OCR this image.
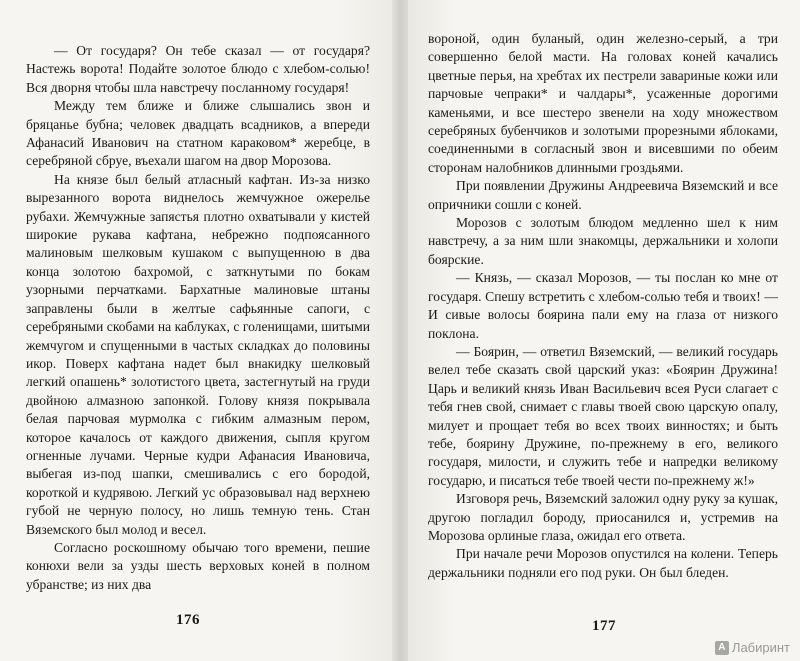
— От государя? Он тебе сказал — от государя? Настежь ворота! Подайте золотое блюдо с хлебом-солью! Вся дворня чтобы шла навстречу посланному государя!

Между тем ближе и ближе слышались звон и бряцанье бубна; человек двадцать всадников, а впереди Афанасий Иванович на статном караковом* жеребце, в серебряной сбруе, въехали шагом на двор Морозова.

На князе был белый атласный кафтан. Из-за низко вырезанного ворота виднелось жемчужное ожерелье рубахи. Жемчужные запястья плотно охватывали у кистей широкие рукава кафтана, небрежно подпоясанного малиновым шелковым кушаком с выпущенною в два конца золотою бахромой, с заткнутыми по бокам узорными перчатками. Бархатные малиновые штаны заправлены были в желтые сафьянные сапоги, с серебряными скобами на каблуках, с голенищами, шитыми жемчугом и спущенными в частых складках до половины икор. Поверх кафтана надет был внакидку шелковый легкий опашень* золотистого цвета, застегнутый на груди двойною алмазною запонкой. Голову князя покрывала белая парчовая мурмолка с гибким алмазным пером, которое качалось от каждого движения, сыпля кругом огненные лучами. Черные кудри Афанасия Ивановича, выбегая из-под шапки, смешивались с его бородой, короткой и кудрявою. Легкий ус образовывал над верхнею губой не черную полосу, но лишь темную тень. Стан Вяземского был молод и весел.

Согласно роскошному обычаю того времени, пешие конюхи вели за узды шесть верховых коней в полном убранстве; из них два

176

вороной, один буланый, один железно-серый, а три совершенно белой масти. На головах коней качались цветные перья, на хребтах их пестрели завариные кожи или парчовые чепраки* и чалдары*, усаженные дорогими каменьями, и все шестеро звенели на ходу множеством серебряных бубенчиков и золотыми прорезными яблоками, соединенными в согласный звон и висевшими по обеим сторонам налобников длинными гроздьями.

При появлении Дружины Андреевича Вяземский и все опричники сошли с коней.

Морозов с золотым блюдом медленно шел к ним навстречу, а за ним шли знакомцы, держальники и холопи боярские.

— Князь, — сказал Морозов, — ты послан ко мне от государя. Спешу встретить с хлебом-солью тебя и твоих! — И сивые волосы боярина пали ему на глаза от низкого поклона.

— Боярин, — ответил Вяземский, — великий государь велел тебе сказать свой царский указ: «Боярин Дружина! Царь и великий князь Иван Васильевич всея Руси слагает с тебя гнев свой, снимает с главы твоей свою царскую опалу, милует и прощает тебя во всех твоих винностях; и быть тебе, боярину Дружине, по-прежнему в его, великого государя, милости, и служить тебе и напредки великому государю, и писаться тебе твоей чести по-прежнему ж!»

Изговоря речь, Вяземский заложил одну руку за кушак, другою погладил бороду, приосанился и, устремив на Морозова орлиные глаза, ожидал его ответа.

При начале речи Морозов опустился на колени. Теперь держальники подняли его под руки. Он был бледен.

177
А Лабиринт
